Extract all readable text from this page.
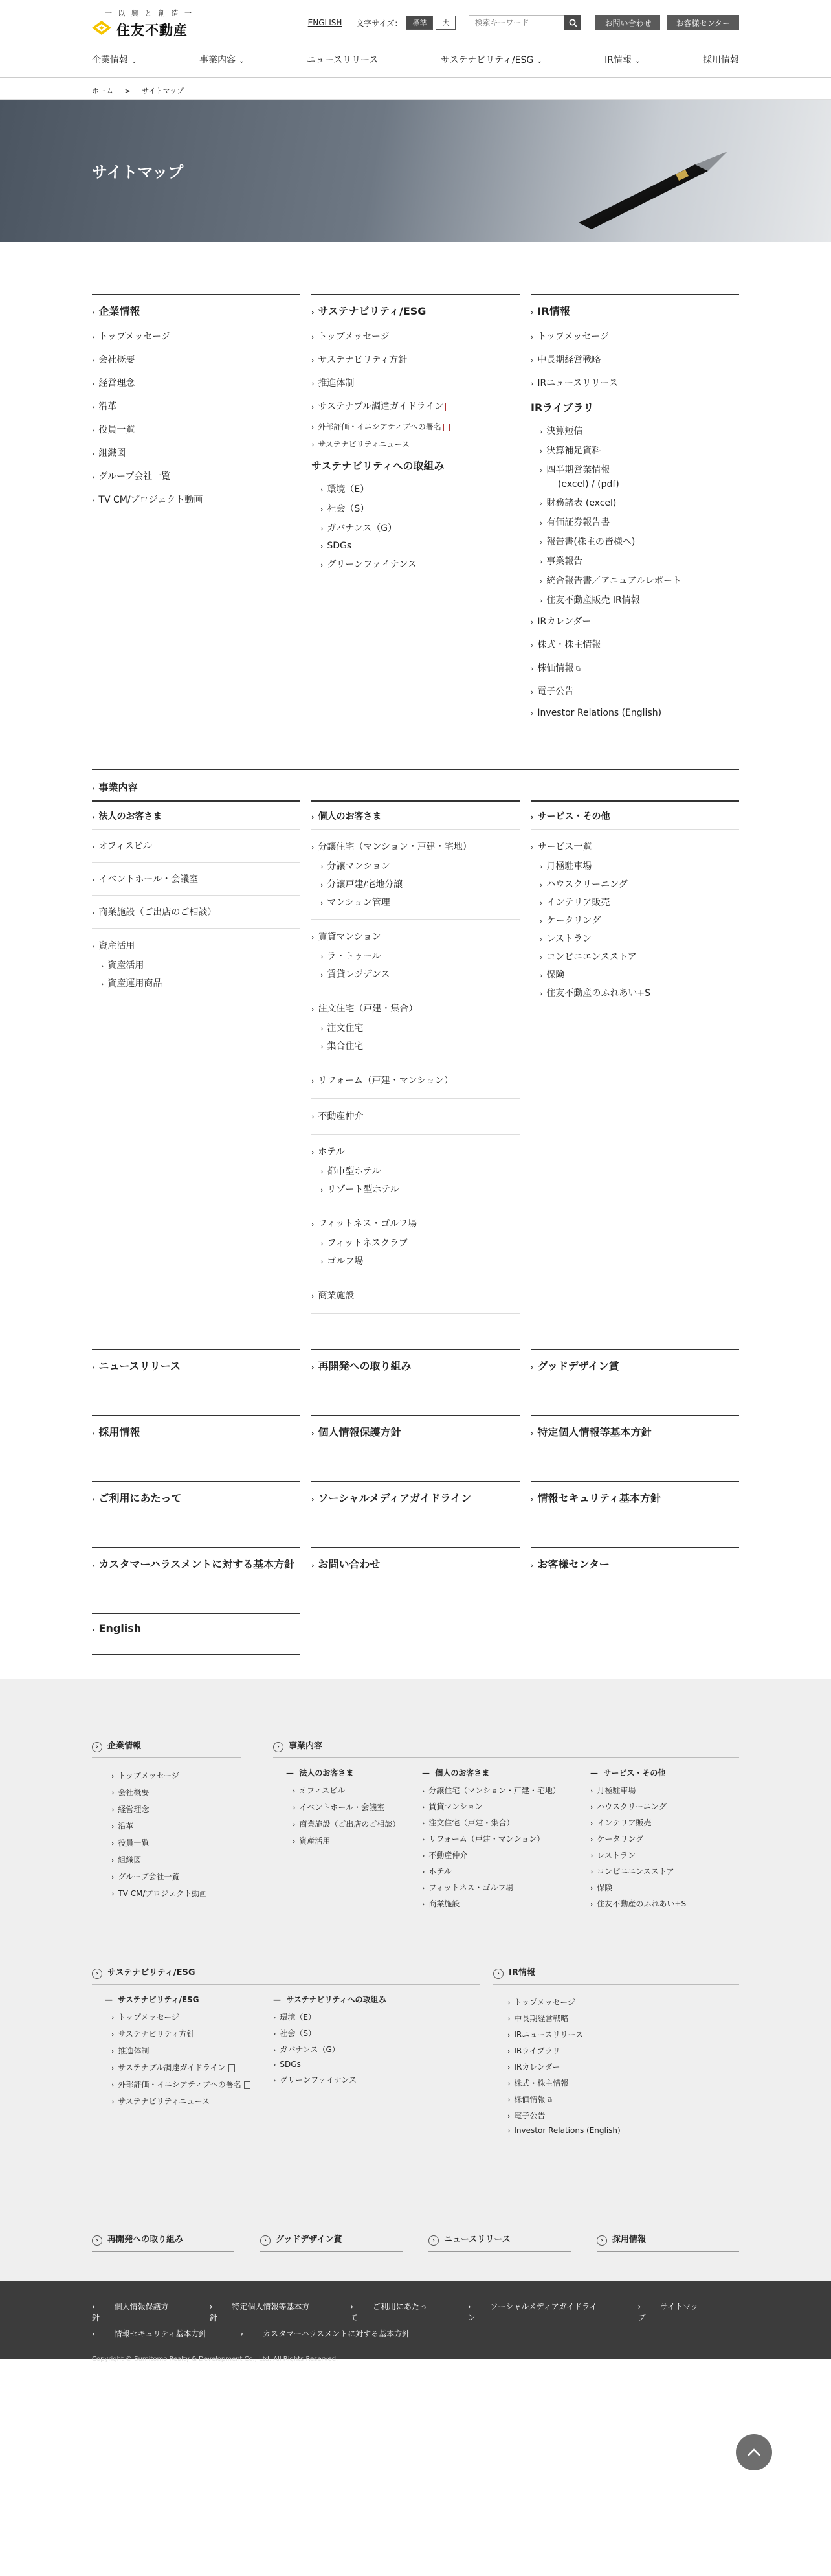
一 以 興 と 創 造 一
住友不動産	ENGLISH 文字サイズ：	標準	大
検索キーワード	お問い合わせ	お客様センター
企業情報 ⌄	事業内容 ⌄	ニュースリリース	サステナビリティ/ESG ⌄	IR情報 ⌄	採用情報
ホーム > サイトマップ
サイトマップ
› 企業情報
› トップメッセージ
› 会社概要
› 経営理念
› 沿革
› 役員一覧
› 組織図
› グループ会社一覧
› TV CM/プロジェクト動画
› サステナビリティ/ESG
› トップメッセージ
› サステナビリティ方針
› 推進体制
› サステナブル調達ガイドライン
› 外部評価・イニシアティブへの署名
› サステナビリティニュース
サステナビリティへの取組み
› 環境（E）
› 社会（S）
› ガバナンス（G）
› SDGs
› グリーンファイナンス
› IR情報
› トップメッセージ
› 中長期経営戦略
› IRニュースリリース
IRライブラリ
› 決算短信
› 決算補足資料
› 四半期営業情報
(excel) / (pdf)
› 財務諸表 (excel)
› 有価証券報告書
› 報告書(株主の皆様へ)
› 事業報告
› 統合報告書／アニュアルレポート
› 住友不動産販売 IR情報
› IRカレンダー
› 株式・株主情報
› 株価情報 ⧉
› 電子公告
› Investor Relations (English)
› 事業内容
› 法人のお客さま
› オフィスビル
› イベントホール・会議室
› 商業施設（ご出店のご相談）
› 資産活用
› 資産活用
› 資産運用商品
› 個人のお客さま
› 分譲住宅（マンション・戸建・宅地）
› 分譲マンション
› 分譲戸建/宅地分譲
› マンション管理
› 賃貸マンション
› ラ・トゥール
› 賃貸レジデンス
› 注文住宅（戸建・集合）
› 注文住宅
› 集合住宅
› リフォーム（戸建・マンション）
› 不動産仲介
› ホテル
› 都市型ホテル
› リゾート型ホテル
› フィットネス・ゴルフ場
› フィットネスクラブ
› ゴルフ場
› 商業施設
› サービス・その他
› サービス一覧
› 月極駐車場
› ハウスクリーニング
› インテリア販売
› ケータリング
› レストラン
› コンビニエンスストア
› 保険
› 住友不動産のふれあい+S
› ニュースリリース	› 再開発への取り組み	› グッドデザイン賞
› 採用情報	› 個人情報保護方針	› 特定個人情報等基本方針
› ご利用にあたって	› ソーシャルメディアガイドライン	› 情報セキュリティ基本方針
› カスタマーハラスメントに対する基本方針	› お問い合わせ	› お客様センター
› English
› 企業情報
› トップメッセージ
› 会社概要
› 経営理念
› 沿革
› 役員一覧
› 組織図
› グループ会社一覧
› TV CM/プロジェクト動画
› 事業内容
—  法人のお客さま
› オフィスビル
› イベントホール・会議室
› 商業施設（ご出店のご相談）
› 資産活用
—  個人のお客さま
› 分譲住宅（マンション・戸建・宅地）
› 賃貸マンション
› 注文住宅（戸建・集合）
› リフォーム（戸建・マンション）
› 不動産仲介
› ホテル
› フィットネス・ゴルフ場
› 商業施設
—  サービス・その他
› 月極駐車場
› ハウスクリーニング
› インテリア販売
› ケータリング
› レストラン
› コンビニエンスストア
› 保険
› 住友不動産のふれあい+S
› サステナビリティ/ESG
—  サステナビリティ/ESG
› トップメッセージ
› サステナビリティ方針
› 推進体制
› サステナブル調達ガイドライン
› 外部評価・イニシアティブへの署名
› サステナビリティニュース
—  サステナビリティへの取組み
› 環境（E）
› 社会（S）
› ガバナンス（G）
› SDGs
› グリーンファイナンス
› IR情報
› トップメッセージ
› 中長期経営戦略
› IRニュースリリース
› IRライブラリ
› IRカレンダー
› 株式・株主情報
› 株価情報 ⧉
› 電子公告
› Investor Relations (English)
› 再開発への取り組み	› グッドデザイン賞	› ニュースリリース	› 採用情報
› 個人情報保護方針
› 特定個人情報等基本方針
› ご利用にあたって
› ソーシャルメディアガイドライン
› サイトマップ
› 情報セキュリティ基本方針	› カスタマーハラスメントに対する基本方針
Copyright © Sumitomo Realty & Development Co., Ltd. All Rights Reserved.
